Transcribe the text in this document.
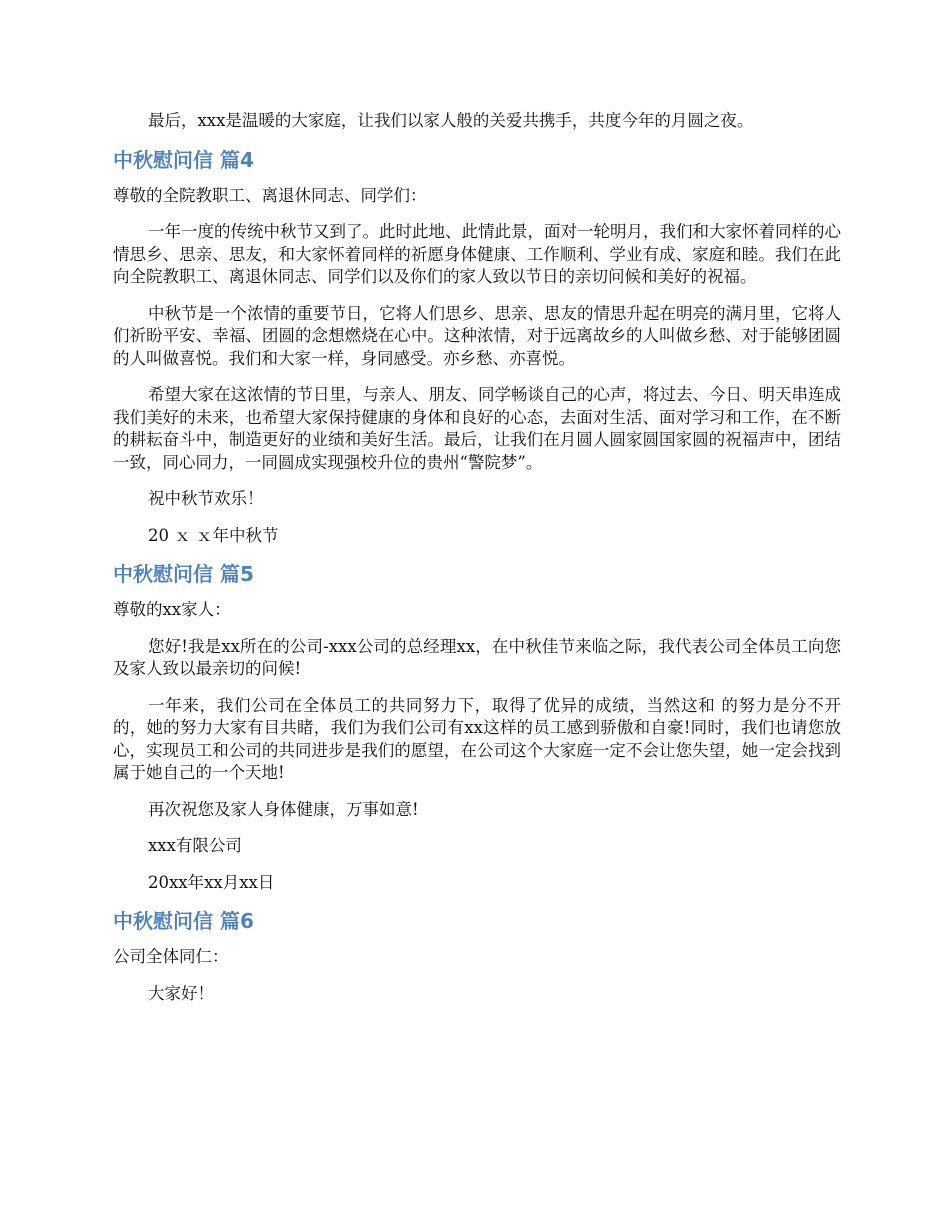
最后，xxx是温暖的大家庭，让我们以家人般的关爱共携手，共度今年的月圆之夜。

中秋慰问信 篇4

尊敬的全院教职工、离退休同志、同学们：

一年一度的传统中秋节又到了。此时此地、此情此景，面对一轮明月，我们和大家怀着同样的心情思乡、思亲、思友，和大家怀着同样的祈愿身体健康、工作顺利、学业有成、家庭和睦。我们在此向全院教职工、离退休同志、同学们以及你们的家人致以节日的亲切问候和美好的祝福。

中秋节是一个浓情的重要节日，它将人们思乡、思亲、思友的情思升起在明亮的满月里，它将人们祈盼平安、幸福、团圆的念想燃烧在心中。这种浓情，对于远离故乡的人叫做乡愁、对于能够团圆的人叫做喜悦。我们和大家一样，身同感受。亦乡愁、亦喜悦。

希望大家在这浓情的节日里，与亲人、朋友、同学畅谈自己的心声，将过去、今日、明天串连成我们美好的未来，也希望大家保持健康的身体和良好的心态，去面对生活、面对学习和工作，在不断的耕耘奋斗中，制造更好的业绩和美好生活。最后，让我们在月圆人圆家圆国家圆的祝福声中，团结一致，同心同力，一同圆成实现强校升位的贵州“警院梦”。

祝中秋节欢乐！

20 ｘ ｘ年中秋节

中秋慰问信 篇5

尊敬的xx家人：

您好!我是xx所在的公司-xxx公司的总经理xx，在中秋佳节来临之际，我代表公司全体员工向您及家人致以最亲切的问候!

一年来，我们公司在全体员工的共同努力下，取得了优异的成绩，当然这和 的努力是分不开的，她的努力大家有目共睹，我们为我们公司有xx这样的员工感到骄傲和自豪!同时，我们也请您放心，实现员工和公司的共同进步是我们的愿望，在公司这个大家庭一定不会让您失望，她一定会找到属于她自己的一个天地!

再次祝您及家人身体健康，万事如意!

xxx有限公司

20xx年xx月xx日

中秋慰问信 篇6

公司全体同仁：

大家好！
